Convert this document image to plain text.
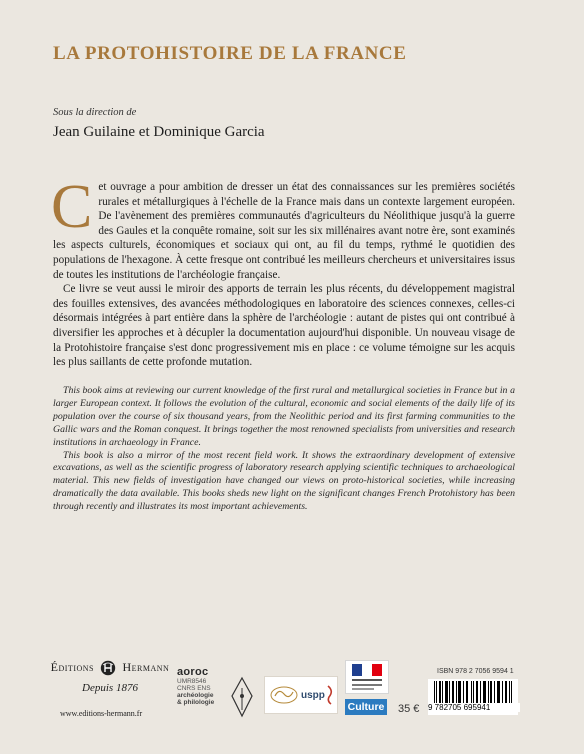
LA PROTOHISTOIRE DE LA FRANCE
Sous la direction de
Jean Guilaine et Dominique Garcia

Cet ouvrage a pour ambition de dresser un état des connaissances sur les premières sociétés rurales et métallurgiques à l'échelle de la France mais dans un contexte largement européen. De l'avènement des premières communautés d'agriculteurs du Néolithique jusqu'à la guerre des Gaules et la conquête romaine, soit sur les six millénaires avant notre ère, sont examinés les aspects culturels, économiques et sociaux qui ont, au fil du temps, rythmé le quotidien des populations de l'hexagone. À cette fresque ont contribué les meilleurs chercheurs et universitaires issus de toutes les institutions de l'archéologie française.

Ce livre se veut aussi le miroir des apports de terrain les plus récents, du développement magistral des fouilles extensives, des avancées méthodologiques en laboratoire des sciences connexes, celles-ci désormais intégrées à part entière dans la sphère de l'archéologie : autant de pistes qui ont contribué à diversifier les approches et à décupler la documentation aujourd'hui disponible. Un nouveau visage de la Protohistoire française s'est donc progressivement mis en place : ce volume témoigne sur les acquis les plus saillants de cette profonde mutation.

This book aims at reviewing our current knowledge of the first rural and metallurgical societies in France but in a larger European context. It follows the evolution of the cultural, economic and social elements of the daily life of its population over the course of six thousand years, from the Neolithic period and its first farming communities to the Gallic wars and the Roman conquest. It brings together the most renowned specialists from universities and research institutions in archaeology in France.

This book is also a mirror of the most recent field work. It shows the extraordinary development of extensive excavations, as well as the scientific progress of laboratory research applying scientific techniques to archaeological material. This new fields of investigation have changed our views on proto-historical societies, while increasing dramatically the data available. This books sheds new light on the significant changes French Protohistory has been through recently and illustrates its most important achievements.

Éditions Hermann
Depuis 1876
www.editions-hermann.fr
aoroc
UMR8546
CNRS ENS
archéologie
& philologie
uspp
Culture 35 €
ISBN 978 2 7056 9594 1
9 782705 695941
